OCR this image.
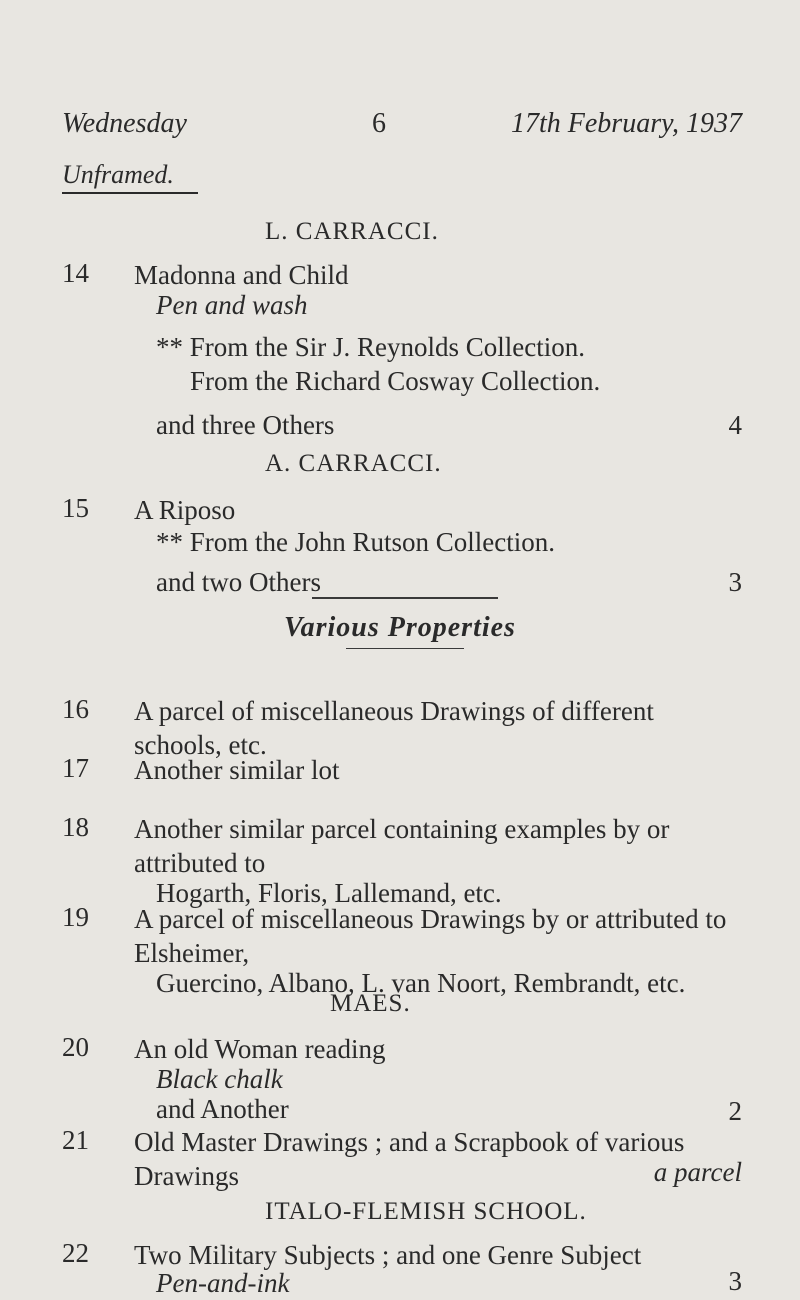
Wednesday	6	17th February, 1937
Unframed.
L. CARRACCI.
14	Madonna and Child
Pen and wash
** From the Sir J. Reynolds Collection.
From the Richard Cosway Collection.
and three Others	4
A. CARRACCI.
15	A Riposo
** From the John Rutson Collection.
and two Others	3
Various Properties
16	A parcel of miscellaneous Drawings of different schools, etc.
17	Another similar lot
18	Another similar parcel containing examples by or attributed to
Hogarth, Floris, Lallemand, etc.
19	A parcel of miscellaneous Drawings by or attributed to Elsheimer,
Guercino, Albano, L. van Noort, Rembrandt, etc.
MAES.
20	An old Woman reading
Black chalk
and Another	2
21	Old Master Drawings ; and a Scrapbook of various Drawings	a parcel
ITALO-FLEMISH SCHOOL.
22	Two Military Subjects ; and one Genre Subject
Pen-and-ink	3
